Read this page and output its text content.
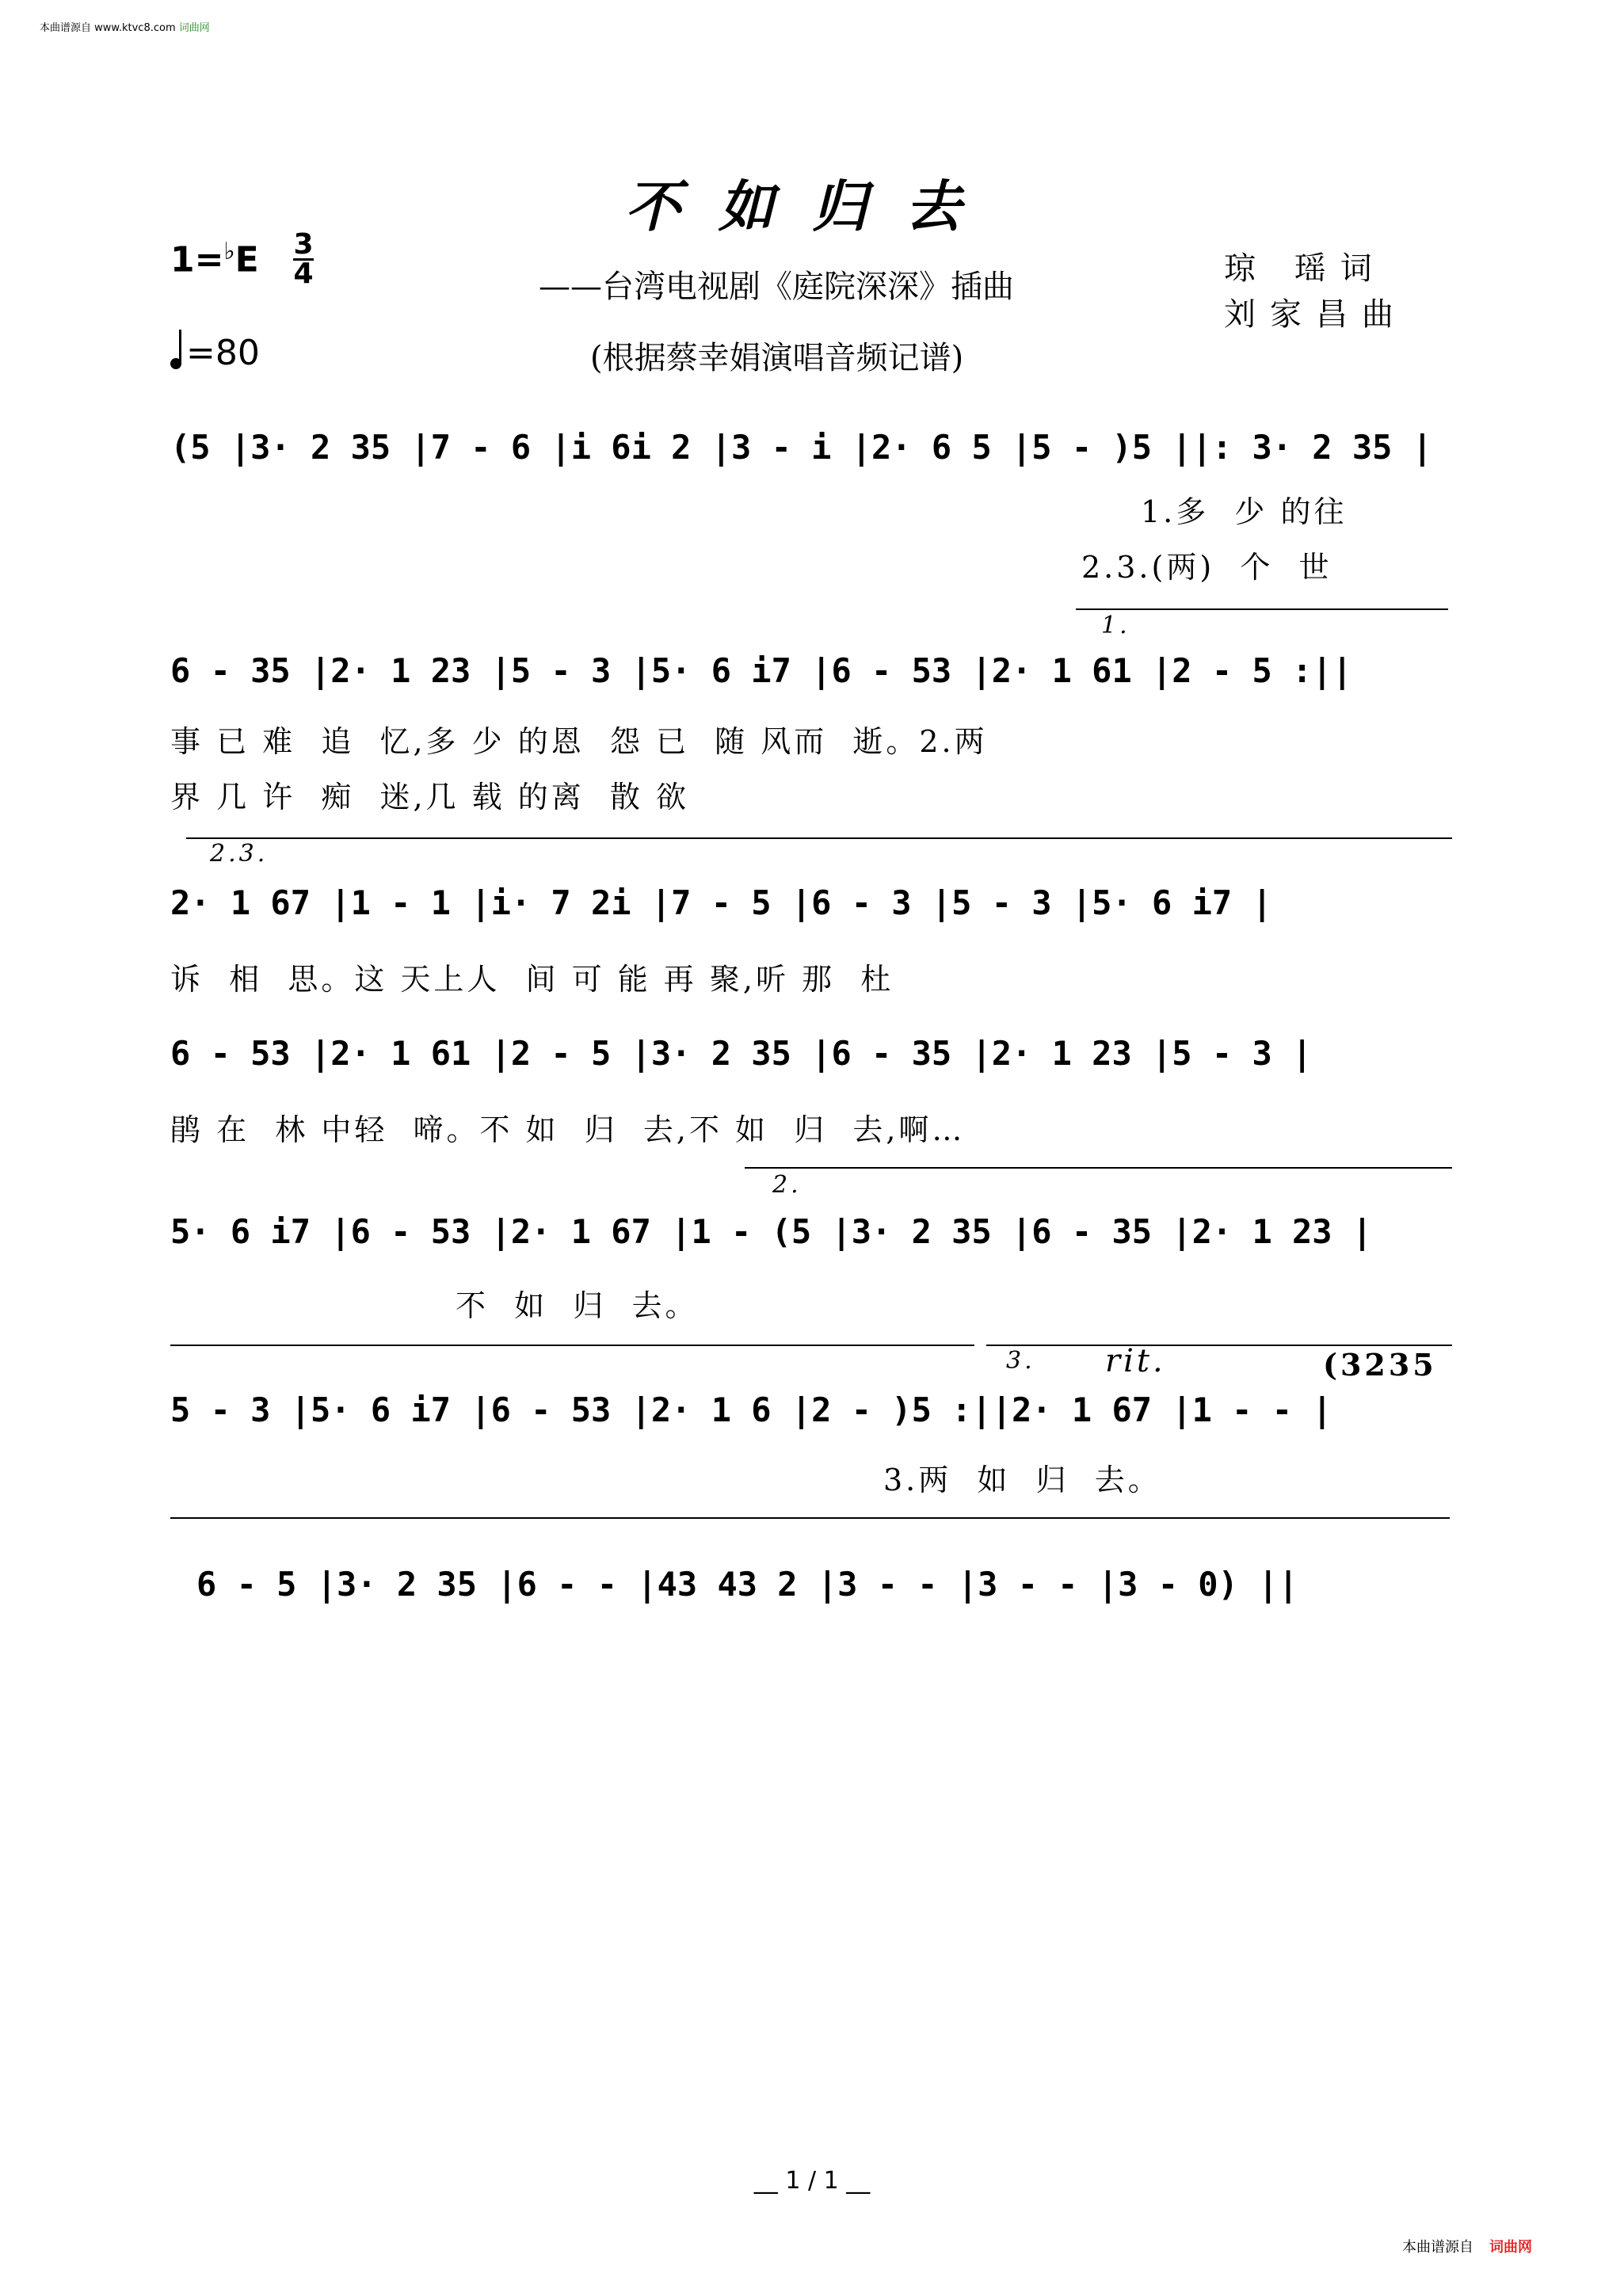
本曲谱源自 www.ktvc8.com 词曲网
不如归去
1=♭E 3
4
=80
——台湾电视剧《庭院深深》插曲
(根据蔡幸娟演唱音频记谱)
琼 瑶词
刘家昌曲
(5 |3· 2 35 |7 - 6 |i 6i 2 |3 - i |2· 6 5 |5 - )5 ||: 3· 2 35 |
1.多  少 的往
2.3.(两)  个  世
1.
6 - 35 |2· 1 23 |5 - 3 |5· 6 i7 |6 - 53 |2· 1 61 |2 - 5 :||
事 已 难  追  忆,多 少 的恩  怨 已  随 风而  逝。2.两
界 几 许  痴  迷,几 载 的离  散 欲
2.3.
2· 1 67 |1 - 1 |i· 7 2i |7 - 5 |6 - 3 |5 - 3 |5· 6 i7 |
诉  相  思。这 天上人  间 可 能 再 聚,听 那  杜
6 - 53 |2· 1 61 |2 - 5 |3· 2 35 |6 - 35 |2· 1 23 |5 - 3 |
鹃 在  林 中轻  啼。不 如  归  去,不 如  归  去,啊…
2.
5· 6 i7 |6 - 53 |2· 1 67 |1 - (5 |3· 2 35 |6 - 35 |2· 1 23 |
不  如  归  去。
3. rit.	(3235
5 - 3 |5· 6 i7 |6 - 53 |2· 1 6 |2 - )5 :||2· 1 67 |1 - - |
3.两  如  归  去。
6 - 5 |3· 2 35 |6 - - |43 43 2 |3 - - |3 - - |3 - 0) ||
__ 1 / 1 __
本曲谱源自 词曲网
